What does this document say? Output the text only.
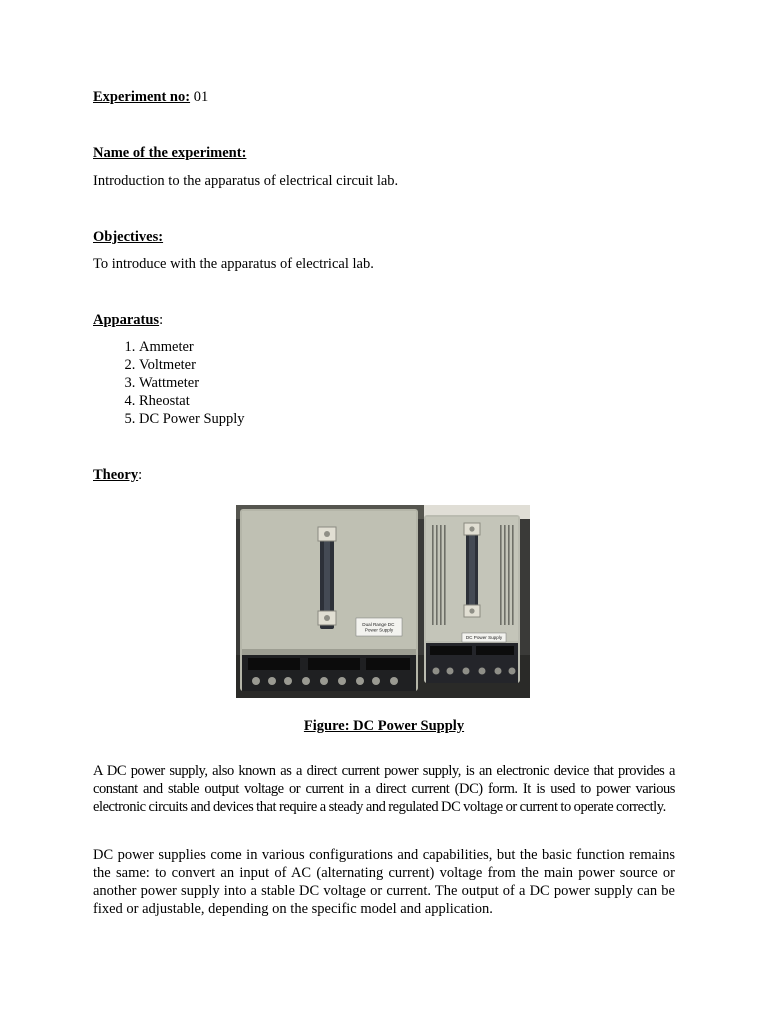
Experiment no: 01
Name of the experiment:
Introduction to the apparatus of electrical circuit lab.
Objectives:
To introduce with the apparatus of electrical lab.
Apparatus:
1. Ammeter
2. Voltmeter
3. Wattmeter
4. Rheostat
5. DC Power Supply
Theory:
Dual Range DC Power Supply
DC Power Supply
Figure: DC Power Supply
A DC power supply, also known as a direct current power supply, is an electronic device that provides a constant and stable output voltage or current in a direct current (DC) form. It is used to power various electronic circuits and devices that require a steady and regulated DC voltage or current to operate correctly.
DC power supplies come in various configurations and capabilities, but the basic function remains the same: to convert an input of AC (alternating current) voltage from the main power source or another power supply into a stable DC voltage or current. The output of a DC power supply can be fixed or adjustable, depending on the specific model and application.
